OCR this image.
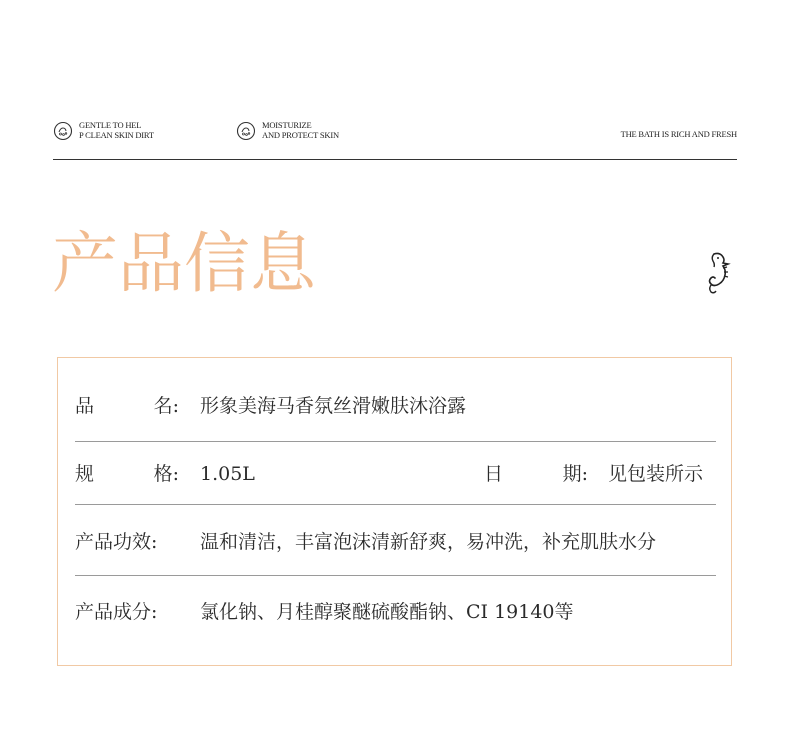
GENTLE TO HEL
P CLEAN SKIN DIRT
MOISTURIZE
AND PROTECT SKIN	THE BATH IS RICH AND FRESH
产品信息
品	名: 形象美海马香氛丝滑嫩肤沐浴露
规	格: 1.05L	日	期: 见包装所示
产品功效: 温和清洁，丰富泡沫清新舒爽，易冲洗，补充肌肤水分
产品成分: 氯化钠、月桂醇聚醚硫酸酯钠、CI 19140等
